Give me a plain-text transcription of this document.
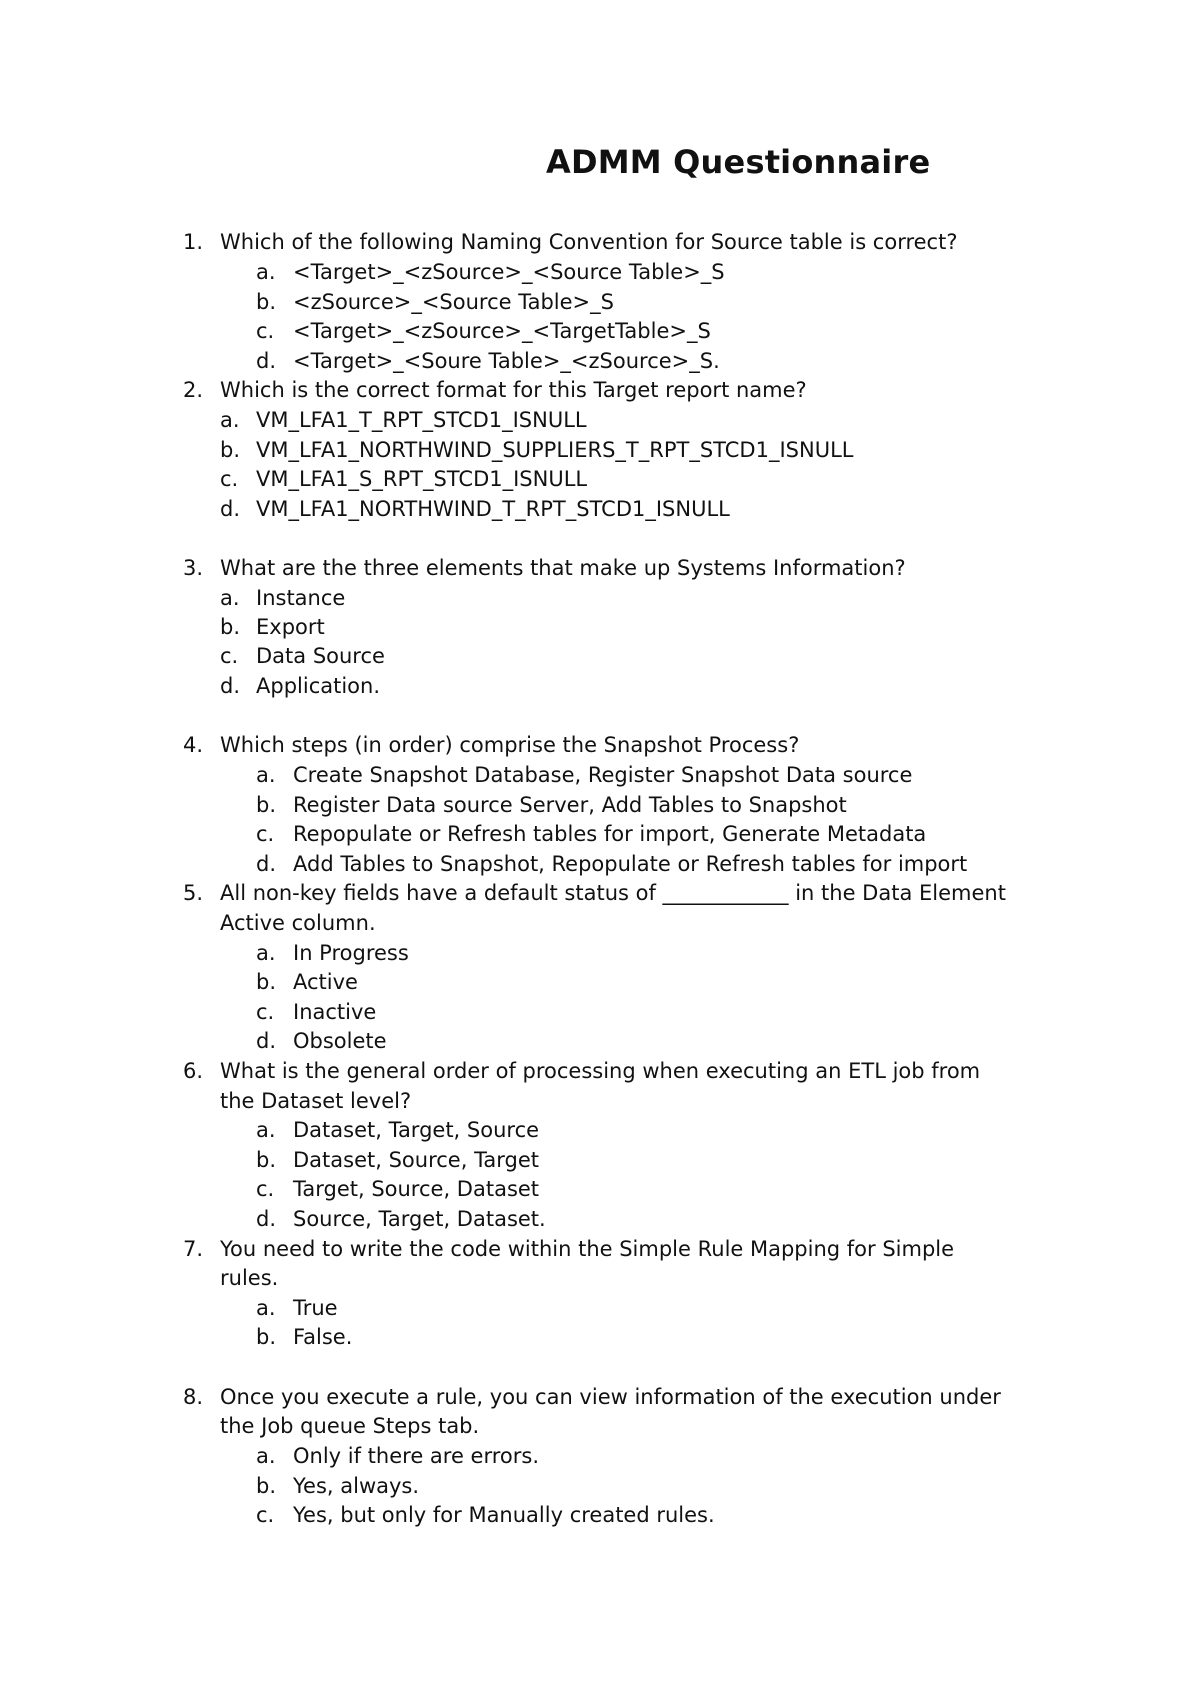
ADMM Questionnaire
1. Which of the following Naming Convention for Source table is correct?
a. <Target>_<zSource>_<Source Table>_S
b. <zSource>_<Source Table>_S
c. <Target>_<zSource>_<TargetTable>_S
d. <Target>_<Soure Table>_<zSource>_S.
2. Which is the correct format for this Target report name?
a. VM_LFA1_T_RPT_STCD1_ISNULL
b. VM_LFA1_NORTHWIND_SUPPLIERS_T_RPT_STCD1_ISNULL
c. VM_LFA1_S_RPT_STCD1_ISNULL
d. VM_LFA1_NORTHWIND_T_RPT_STCD1_ISNULL
3. What are the three elements that make up Systems Information?
a. Instance
b. Export
c. Data Source
d. Application.
4. Which steps (in order) comprise the Snapshot Process?
a. Create Snapshot Database, Register Snapshot Data source
b. Register Data source Server, Add Tables to Snapshot
c. Repopulate or Refresh tables for import, Generate Metadata
d. Add Tables to Snapshot, Repopulate or Refresh tables for import
5. All non-key fields have a default status of ____________ in the Data Element
Active column.
a. In Progress
b. Active
c. Inactive
d. Obsolete
6. What is the general order of processing when executing an ETL job from
the Dataset level?
a. Dataset, Target, Source
b. Dataset, Source, Target
c. Target, Source, Dataset
d. Source, Target, Dataset.
7. You need to write the code within the Simple Rule Mapping for Simple
rules.
a. True
b. False.
8. Once you execute a rule, you can view information of the execution under
the Job queue Steps tab.
a. Only if there are errors.
b. Yes, always.
c. Yes, but only for Manually created rules.
